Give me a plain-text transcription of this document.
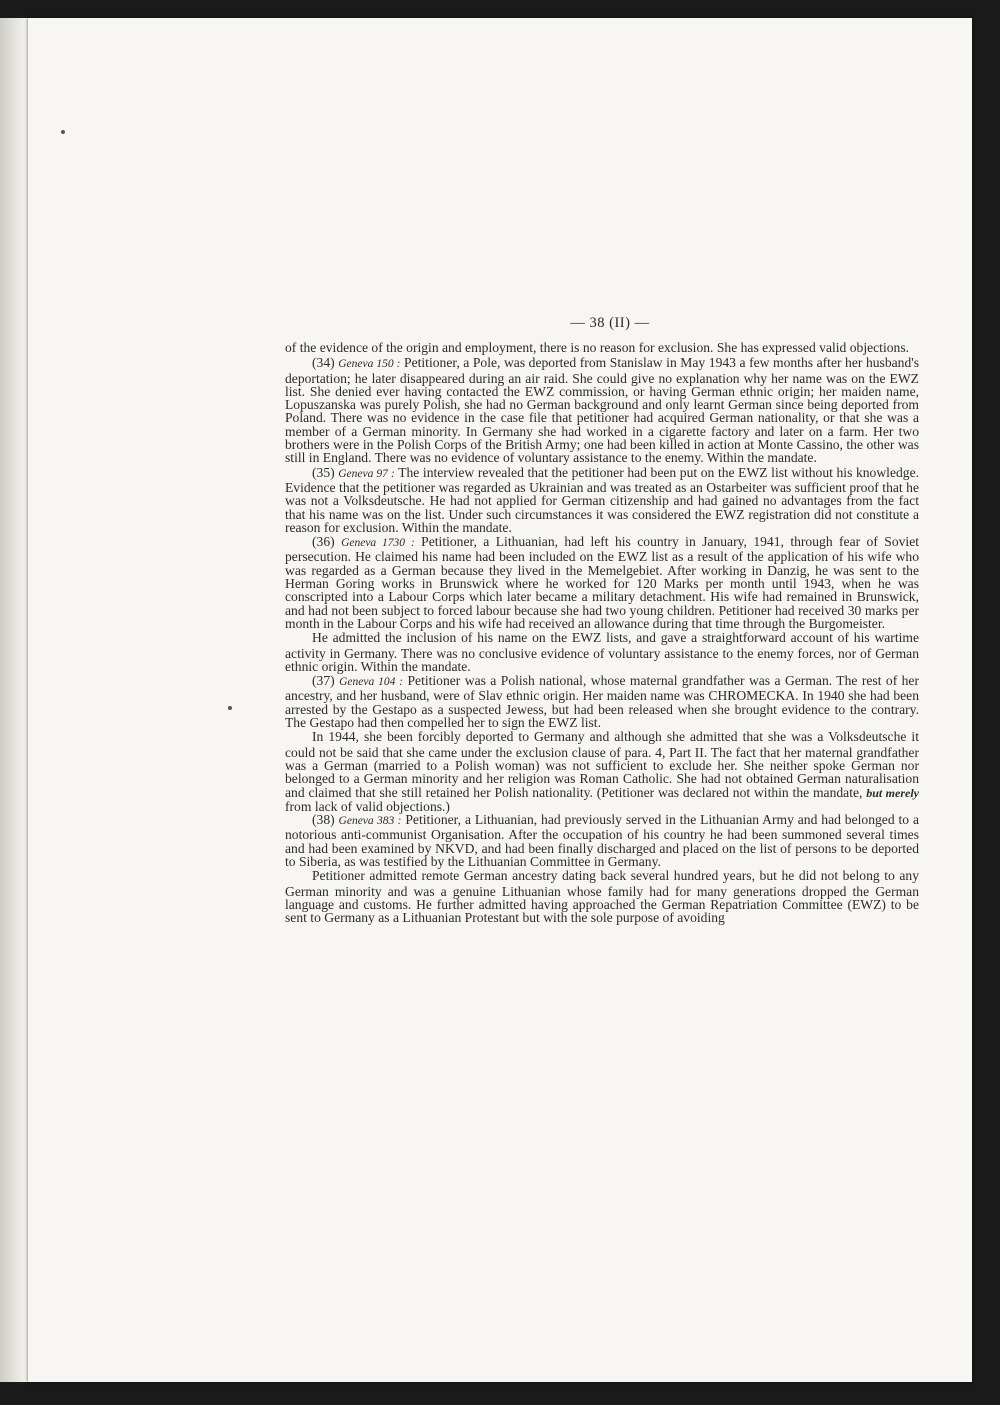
— 38 (II) —

of the evidence of the origin and employment, there is no reason for exclusion. She has expressed valid objections.

(34) Geneva 150 : Petitioner, a Pole, was deported from Stanislaw in May 1943 a few months after her husband's deportation; he later disappeared during an air raid. She could give no explanation why her name was on the EWZ list. She denied ever having contacted the EWZ commission, or having German ethnic origin; her maiden name, Lopuszanska was purely Polish, she had no German background and only learnt German since being deported from Poland. There was no evidence in the case file that petitioner had acquired German nationality, or that she was a member of a German minority. In Germany she had worked in a cigarette factory and later on a farm. Her two brothers were in the Polish Corps of the British Army; one had been killed in action at Monte Cassino, the other was still in England. There was no evidence of voluntary assistance to the enemy. Within the mandate.

(35) Geneva 97 : The interview revealed that the petitioner had been put on the EWZ list without his knowledge. Evidence that the petitioner was regarded as Ukrainian and was treated as an Ostarbeiter was sufficient proof that he was not a Volksdeutsche. He had not applied for German citizenship and had gained no advantages from the fact that his name was on the list. Under such circumstances it was considered the EWZ registration did not constitute a reason for exclusion. Within the mandate.

(36) Geneva 1730 : Petitioner, a Lithuanian, had left his country in January, 1941, through fear of Soviet persecution. He claimed his name had been included on the EWZ list as a result of the application of his wife who was regarded as a German because they lived in the Memelgebiet. After working in Danzig, he was sent to the Herman Goring works in Brunswick where he worked for 120 Marks per month until 1943, when he was conscripted into a Labour Corps which later became a military detachment. His wife had remained in Brunswick, and had not been subject to forced labour because she had two young children. Petitioner had received 30 marks per month in the Labour Corps and his wife had received an allowance during that time through the Burgomeister.

He admitted the inclusion of his name on the EWZ lists, and gave a straightforward account of his wartime activity in Germany. There was no conclusive evidence of voluntary assistance to the enemy forces, nor of German ethnic origin. Within the mandate.

(37) Geneva 104 : Petitioner was a Polish national, whose maternal grandfather was a German. The rest of her ancestry, and her husband, were of Slav ethnic origin. Her maiden name was CHROMECKA. In 1940 she had been arrested by the Gestapo as a suspected Jewess, but had been released when she brought evidence to the contrary. The Gestapo had then compelled her to sign the EWZ list.

In 1944, she been forcibly deported to Germany and although she admitted that she was a Volksdeutsche it could not be said that she came under the exclusion clause of para. 4, Part II. The fact that her maternal grandfather was a German (married to a Polish woman) was not sufficient to exclude her. She neither spoke German nor belonged to a German minority and her religion was Roman Catholic. She had not obtained German naturalisation and claimed that she still retained her Polish nationality. (Petitioner was declared not within the mandate, but merely from lack of valid objections.)

(38) Geneva 383 : Petitioner, a Lithuanian, had previously served in the Lithuanian Army and had belonged to a notorious anti-communist Organisation. After the occupation of his country he had been summoned several times and had been examined by NKVD, and had been finally discharged and placed on the list of persons to be deported to Siberia, as was testified by the Lithuanian Committee in Germany.

Petitioner admitted remote German ancestry dating back several hundred years, but he did not belong to any German minority and was a genuine Lithuanian whose family had for many generations dropped the German language and customs. He further admitted having approached the German Repatriation Committee (EWZ) to be sent to Germany as a Lithuanian Protestant but with the sole purpose of avoiding
